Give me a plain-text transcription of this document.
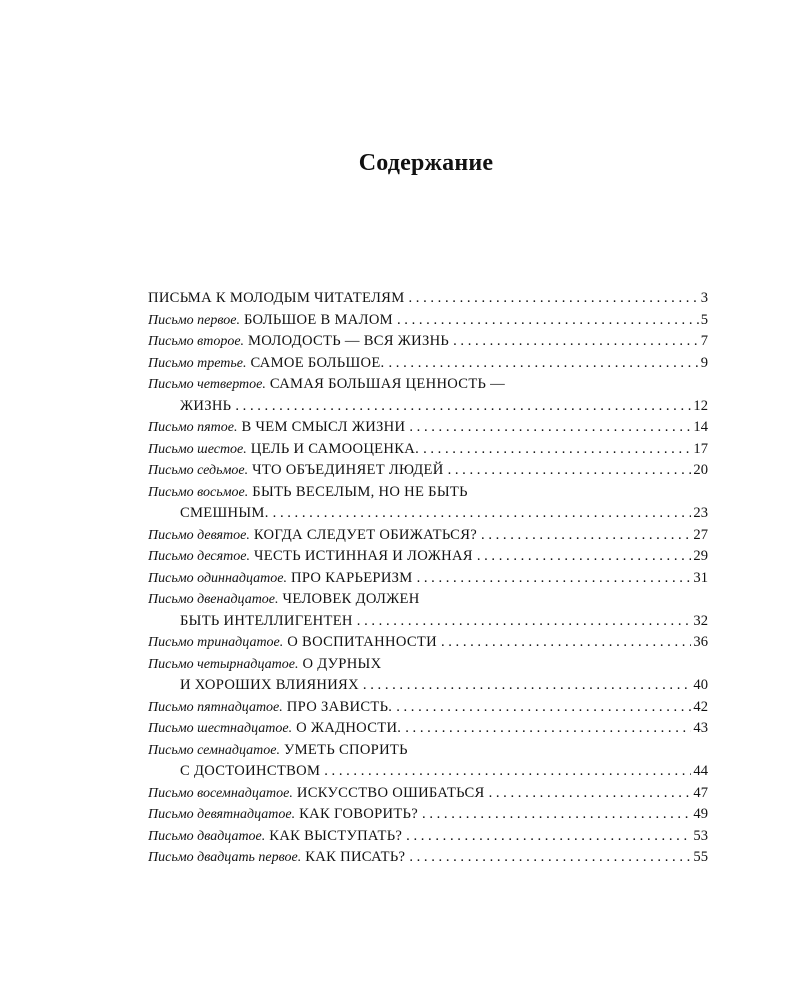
Содержание
ПИСЬМА К МОЛОДЫМ ЧИТАТЕЛЯМ . . .	3
Письмо первое. БОЛЬШОЕ В МАЛОМ . . .	5
Письмо второе. МОЛОДОСТЬ — ВСЯ ЖИЗНЬ . . .	7
Письмо третье. САМОЕ БОЛЬШОЕ. . . .	9
Письмо четвертое. САМАЯ БОЛЬШАЯ ЦЕННОСТЬ —
ЖИЗНЬ . . .	12
Письмо пятое. В ЧЕМ СМЫСЛ ЖИЗНИ . . .	14
Письмо шестое. ЦЕЛЬ И САМООЦЕНКА. . . .	17
Письмо седьмое. ЧТО ОБЪЕДИНЯЕТ ЛЮДЕЙ . . .	20
Письмо восьмое. БЫТЬ ВЕСЕЛЫМ, НО НЕ БЫТЬ
СМЕШНЫМ. . . .	23
Письмо девятое. КОГДА СЛЕДУЕТ ОБИЖАТЬСЯ? . . .	27
Письмо десятое. ЧЕСТЬ ИСТИННАЯ И ЛОЖНАЯ . . .	29
Письмо одиннадцатое. ПРО КАРЬЕРИЗМ . . .	31
Письмо двенадцатое. ЧЕЛОВЕК ДОЛЖЕН
БЫТЬ ИНТЕЛЛИГЕНТЕН . . .	32
Письмо тринадцатое. О ВОСПИТАННОСТИ . . .	36
Письмо четырнадцатое. О ДУРНЫХ
И ХОРОШИХ ВЛИЯНИЯХ . . .	40
Письмо пятнадцатое. ПРО ЗАВИСТЬ. . . .	42
Письмо шестнадцатое. О ЖАДНОСТИ. . . .	43
Письмо семнадцатое. УМЕТЬ СПОРИТЬ
С ДОСТОИНСТВОМ . . .	44
Письмо восемнадцатое. ИСКУССТВО ОШИБАТЬСЯ . . .	47
Письмо девятнадцатое. КАК ГОВОРИТЬ? . . .	49
Письмо двадцатое. КАК ВЫСТУПАТЬ? . . .	53
Письмо двадцать первое. КАК ПИСАТЬ? . . .	55
